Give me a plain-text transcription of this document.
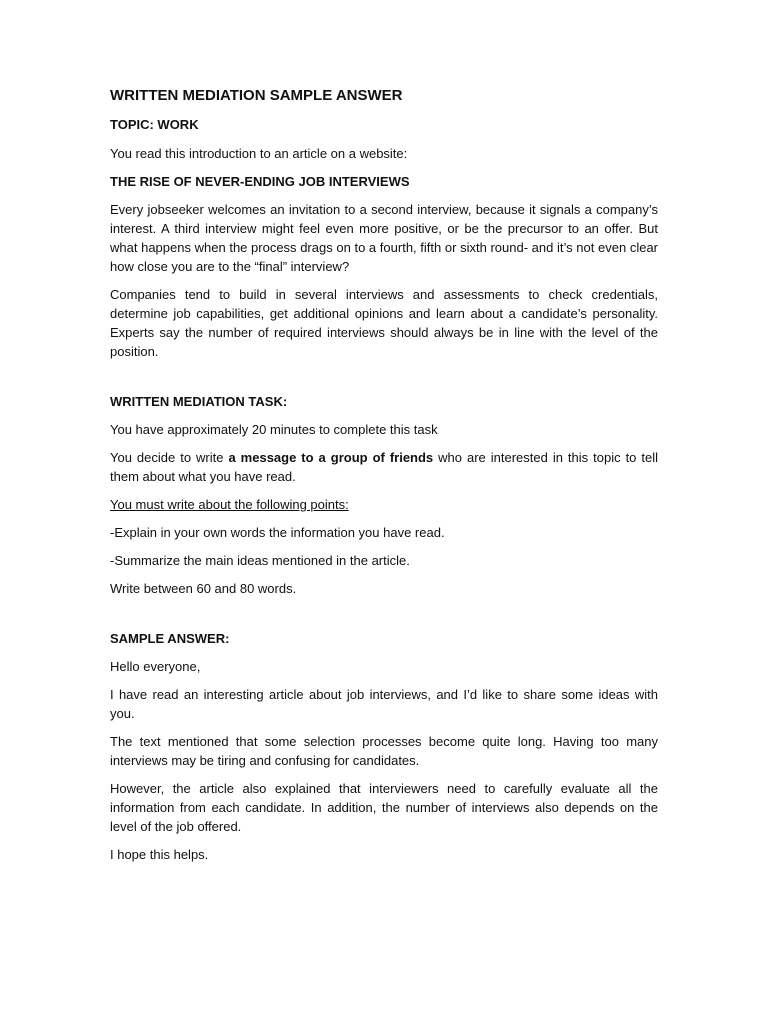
WRITTEN MEDIATION SAMPLE ANSWER

TOPIC: WORK

You read this introduction to an article on a website:

THE RISE OF NEVER-ENDING JOB INTERVIEWS

Every jobseeker welcomes an invitation to a second interview, because it signals a company’s interest. A third interview might feel even more positive, or be the precursor to an offer. But what happens when the process drags on to a fourth, fifth or sixth round- and it’s not even clear how close you are to the “final” interview?

Companies tend to build in several interviews and assessments to check credentials, determine job capabilities, get additional opinions and learn about a candidate’s personality. Experts say the number of required interviews should always be in line with the level of the position.

WRITTEN MEDIATION TASK:

You have approximately 20 minutes to complete this task

You decide to write a message to a group of friends who are interested in this topic to tell them about what you have read.

You must write about the following points:

-Explain in your own words the information you have read.

-Summarize the main ideas mentioned in the article.

Write between 60 and 80 words.

SAMPLE ANSWER:

Hello everyone,

I have read an interesting article about job interviews, and I’d like to share some ideas with you.

The text mentioned that some selection processes become quite long. Having too many interviews may be tiring and confusing for candidates.

However, the article also explained that interviewers need to carefully evaluate all the information from each candidate. In addition, the number of interviews also depends on the level of the job offered.

I hope this helps.
